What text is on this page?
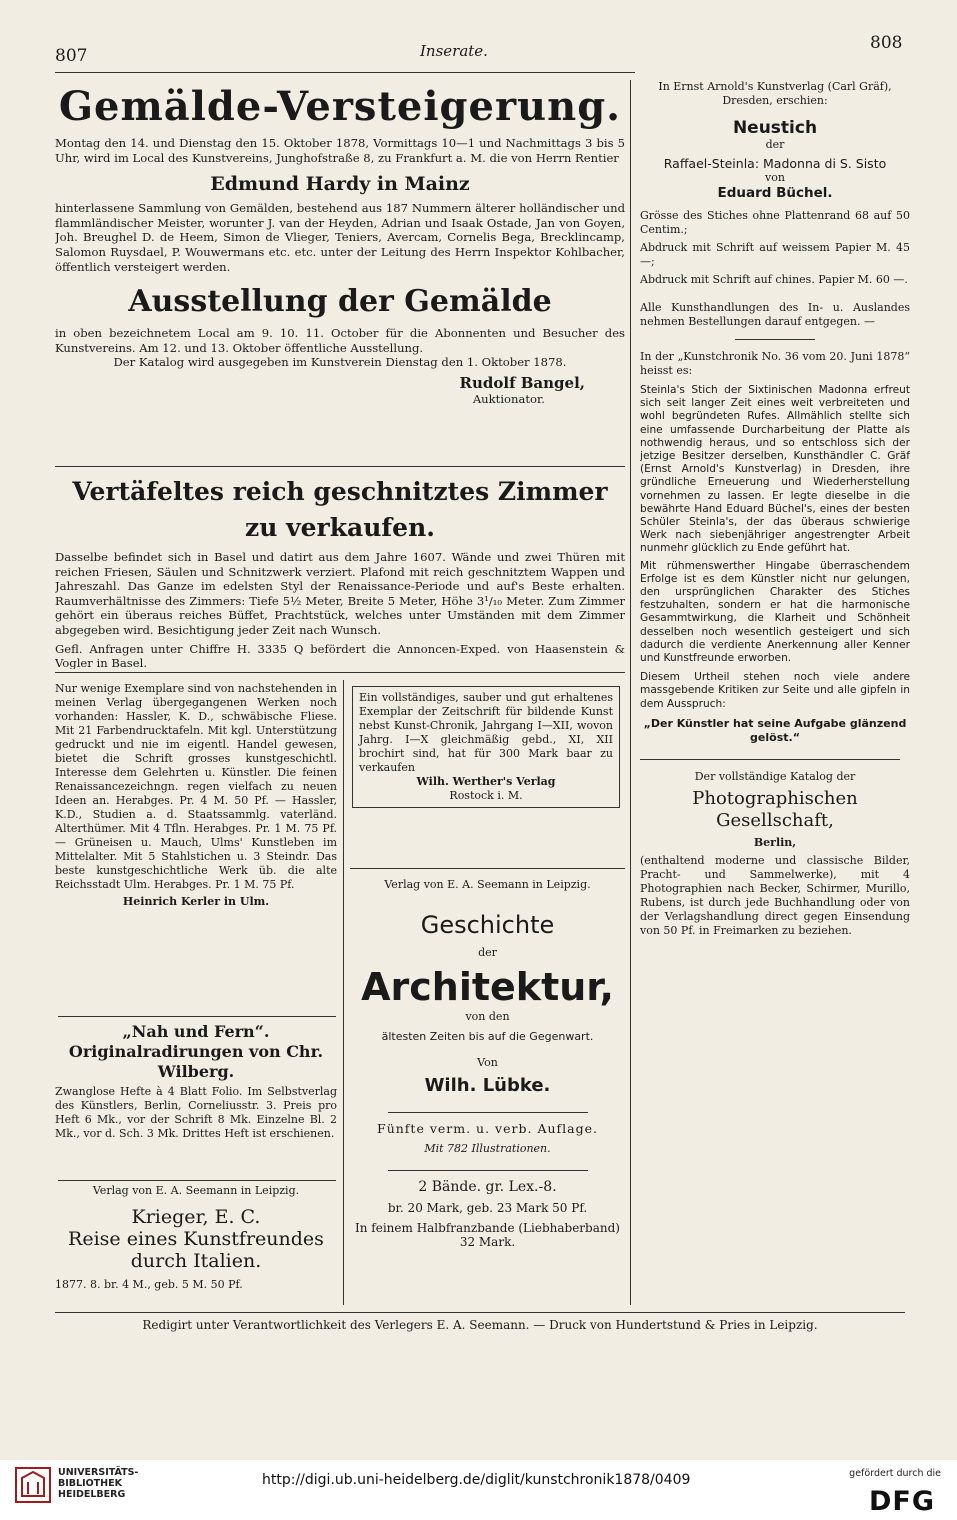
807	Inserate.	808

Gemälde-Versteigerung.

Montag den 14. und Dienstag den 15. Oktober 1878, Vormittags 10—1 und Nachmittags 3 bis 5 Uhr, wird im Local des Kunstvereins, Junghofstraße 8, zu Frankfurt a. M. die von Herrn Rentier

Edmund Hardy in Mainz

hinterlassene Sammlung von Gemälden, bestehend aus 187 Nummern älterer holländischer und flammländischer Meister, worunter J. van der Heyden, Adrian und Isaak Ostade, Jan von Goyen, Joh. Breughel D. de Heem, Simon de Vlieger, Teniers, Avercam, Cornelis Bega, Brecklincamp, Salomon Ruysdael, P. Wouwermans etc. etc. unter der Leitung des Herrn Inspektor Kohlbacher, öffentlich versteigert werden.

Ausstellung der Gemälde

in oben bezeichnetem Local am 9. 10. 11. October für die Abonnenten und Besucher des Kunstvereins. Am 12. und 13. Oktober öffentliche Ausstellung.

Der Katalog wird ausgegeben im Kunstverein Dienstag den 1. Oktober 1878.

Rudolf Bangel,

Auktionator.

Vertäfeltes reich geschnitztes Zimmer zu verkaufen.

Dasselbe befindet sich in Basel und datirt aus dem Jahre 1607. Wände und zwei Thüren mit reichen Friesen, Säulen und Schnitzwerk verziert. Plafond mit reich geschnitztem Wappen und Jahreszahl. Das Ganze im edelsten Styl der Renaissance-Periode und auf's Beste erhalten. Raumverhältnisse des Zimmers: Tiefe 5½ Meter, Breite 5 Meter, Höhe 3¹/₁₀ Meter. Zum Zimmer gehört ein überaus reiches Büffet, Prachtstück, welches unter Umständen mit dem Zimmer abgegeben wird. Besichtigung jeder Zeit nach Wunsch.

Gefl. Anfragen unter Chiffre H. 3335 Q befördert die Annoncen-Exped. von Haasenstein & Vogler in Basel.

Nur wenige Exemplare sind von nachstehenden in meinen Verlag übergegangenen Werken noch vorhanden: Hassler, K. D., schwäbische Fliese. Mit 21 Farbendrucktafeln. Mit kgl. Unterstützung gedruckt und nie im eigentl. Handel gewesen, bietet die Schrift grosses kunstgeschichtl. Interesse dem Gelehrten u. Künstler. Die feinen Renaissancezeichngn. regen vielfach zu neuen Ideen an. Herabges. Pr. 4 M. 50 Pf. — Hassler, K.D., Studien a. d. Staatssammlg. vaterländ. Alterthümer. Mit 4 Tfln. Herabges. Pr. 1 M. 75 Pf. — Grüneisen u. Mauch, Ulms' Kunstleben im Mittelalter. Mit 5 Stahlstichen u. 3 Steindr. Das beste kunstgeschichtliche Werk üb. die alte Reichsstadt Ulm. Herabges. Pr. 1 M. 75 Pf.

Heinrich Kerler in Ulm.

„Nah und Fern“. Originalradirungen von Chr. Wilberg.

Zwanglose Hefte à 4 Blatt Folio. Im Selbstverlag des Künstlers, Berlin, Corneliusstr. 3. Preis pro Heft 6 Mk., vor der Schrift 8 Mk. Einzelne Bl. 2 Mk., vor d. Sch. 3 Mk. Drittes Heft ist erschienen.

Verlag von E. A. Seemann in Leipzig.

Krieger, E. C.

Reise eines Kunstfreundes durch Italien.

1877. 8. br. 4 M., geb. 5 M. 50 Pf.

Ein vollständiges, sauber und gut erhaltenes Exemplar der Zeitschrift für bildende Kunst nebst Kunst-Chronik, Jahrgang I—XII, wovon Jahrg. I—X gleichmäßig gebd., XI, XII brochirt sind, hat für 300 Mark baar zu verkaufen

Wilh. Werther's Verlag

Rostock i. M.

Verlag von E. A. Seemann in Leipzig.

Geschichte

der

Architektur,

von den

ältesten Zeiten bis auf die Gegenwart.

Von

Wilh. Lübke.

Fünfte verm. u. verb. Auflage.

Mit 782 Illustrationen.

2 Bände. gr. Lex.-8.

br. 20 Mark, geb. 23 Mark 50 Pf.

In feinem Halbfranzbande (Liebhaberband) 32 Mark.

In Ernst Arnold's Kunstverlag (Carl Gräf), Dresden, erschien:

Neustich

der

Raffael-Steinla: Madonna di S. Sisto

von

Eduard Büchel.

Grösse des Stiches ohne Plattenrand 68 auf 50 Centim.;

Abdruck mit Schrift auf weissem Papier M. 45 —;

Abdruck mit Schrift auf chines. Papier M. 60 —.

Alle Kunsthandlungen des In- u. Auslandes nehmen Bestellungen darauf entgegen. —

In der „Kunstchronik No. 36 vom 20. Juni 1878“ heisst es:

Steinla's Stich der Sixtinischen Madonna erfreut sich seit langer Zeit eines weit verbreiteten und wohl begründeten Rufes. Allmählich stellte sich eine umfassende Durcharbeitung der Platte als nothwendig heraus, und so entschloss sich der jetzige Besitzer derselben, Kunsthändler C. Gräf (Ernst Arnold's Kunstverlag) in Dresden, ihre gründliche Erneuerung und Wiederherstellung vornehmen zu lassen. Er legte dieselbe in die bewährte Hand Eduard Büchel's, eines der besten Schüler Steinla's, der das überaus schwierige Werk nach siebenjähriger angestrengter Arbeit nunmehr glücklich zu Ende geführt hat.

Mit rühmenswerther Hingabe überraschendem Erfolge ist es dem Künstler nicht nur gelungen, den ursprünglichen Charakter des Stiches festzuhalten, sondern er hat die harmonische Gesammtwirkung, die Klarheit und Schönheit desselben noch wesentlich gesteigert und sich dadurch die verdiente Anerkennung aller Kenner und Kunstfreunde erworben.

Diesem Urtheil stehen noch viele andere massgebende Kritiken zur Seite und alle gipfeln in dem Ausspruch:

„Der Künstler hat seine Aufgabe glänzend gelöst.“

Der vollständige Katalog der

Photographischen Gesellschaft,

Berlin,

(enthaltend moderne und classische Bilder, Pracht- und Sammelwerke), mit 4 Photographien nach Becker, Schirmer, Murillo, Rubens, ist durch jede Buchhandlung oder von der Verlagshandlung direct gegen Einsendung von 50 Pf. in Freimarken zu beziehen.

Redigirt unter Verantwortlichkeit des Verlegers E. A. Seemann. — Druck von Hundertstund & Pries in Leipzig.

UNIVERSITÄTS-
BIBLIOTHEK
HEIDELBERG
http://digi.ub.uni-heidelberg.de/diglit/kunstchronik1878/0409	gefördert durch die
DFG
